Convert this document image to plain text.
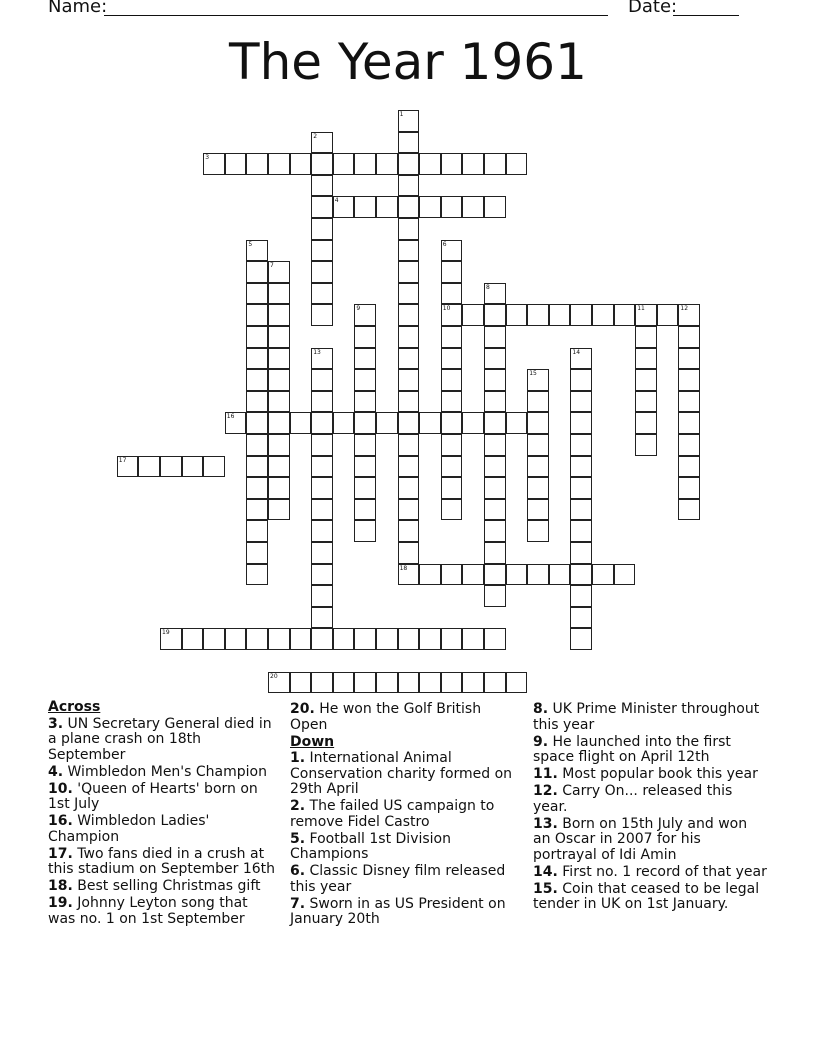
Name:	Date:
The Year 1961
1
2
3
4
5	6
7
8
9	10	11	12
13	14
15
16
17
18
19
20
Across
3. UN Secretary General died in a plane crash on 18th September
4. Wimbledon Men's Champion
10. 'Queen of Hearts' born on 1st July
16. Wimbledon Ladies' Champion
17. Two fans died in a crush at this stadium on September 16th
18. Best selling Christmas gift
19. Johnny Leyton song that was no. 1 on 1st September
20. He won the Golf British Open
Down
1. International Animal Conservation charity formed on 29th April
2. The failed US campaign to remove Fidel Castro
5. Football 1st Division Champions
6. Classic Disney film released this year
7. Sworn in as US President on January 20th
8. UK Prime Minister throughout this year
9. He launched into the first space flight on April 12th
11. Most popular book this year
12. Carry On... released this year.
13. Born on 15th July and won an Oscar in 2007 for his portrayal of Idi Amin
14. First no. 1 record of that year
15. Coin that ceased to be legal tender in UK on 1st January.
